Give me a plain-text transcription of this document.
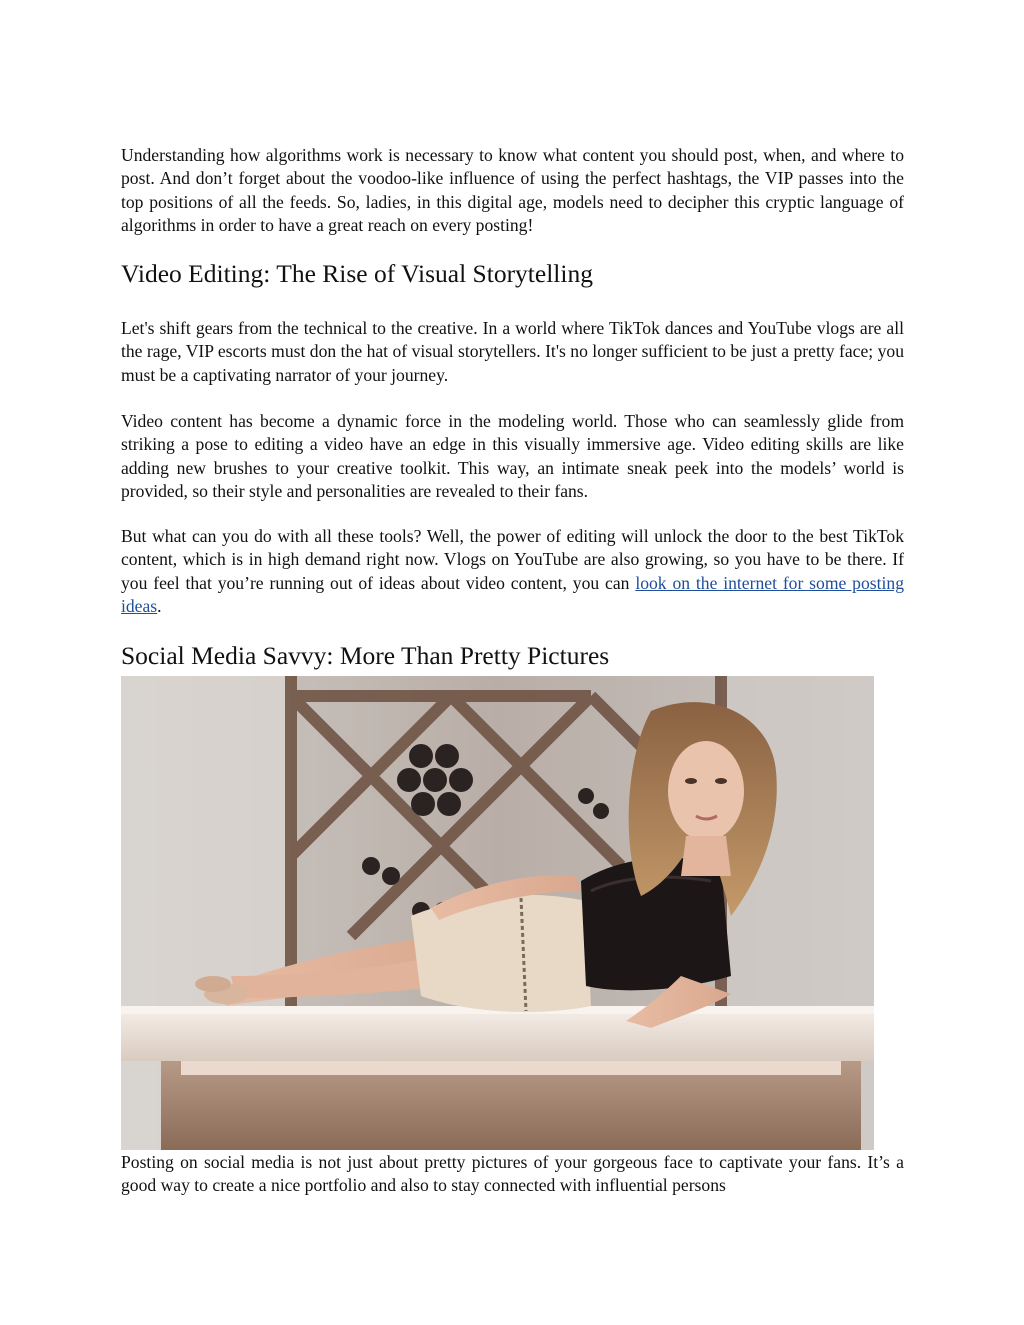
Understanding how algorithms work is necessary to know what content you should post, when, and where to post. And don’t forget about the voodoo-like influence of using the perfect hashtags, the VIP passes into the top positions of all the feeds. So, ladies, in this digital age, models need to decipher this cryptic language of algorithms in order to have a great reach on every posting!

Video Editing: The Rise of Visual Storytelling

Let's shift gears from the technical to the creative. In a world where TikTok dances and YouTube vlogs are all the rage, VIP escorts must don the hat of visual storytellers. It's no longer sufficient to be just a pretty face; you must be a captivating narrator of your journey.

Video content has become a dynamic force in the modeling world. Those who can seamlessly glide from striking a pose to editing a video have an edge in this visually immersive age. Video editing skills are like adding new brushes to your creative toolkit. This way, an intimate sneak peek into the models’ world is provided, so their style and personalities are revealed to their fans.

But what can you do with all these tools? Well, the power of editing will unlock the door to the best TikTok content, which is in high demand right now. Vlogs on YouTube are also growing, so you have to be there. If you feel that you’re running out of ideas about video content, you can look on the internet for some posting ideas.

Social Media Savvy: More Than Pretty Pictures

Posting on social media is not just about pretty pictures of your gorgeous face to captivate your fans. It’s a good way to create a nice portfolio and also to stay connected with influential persons
